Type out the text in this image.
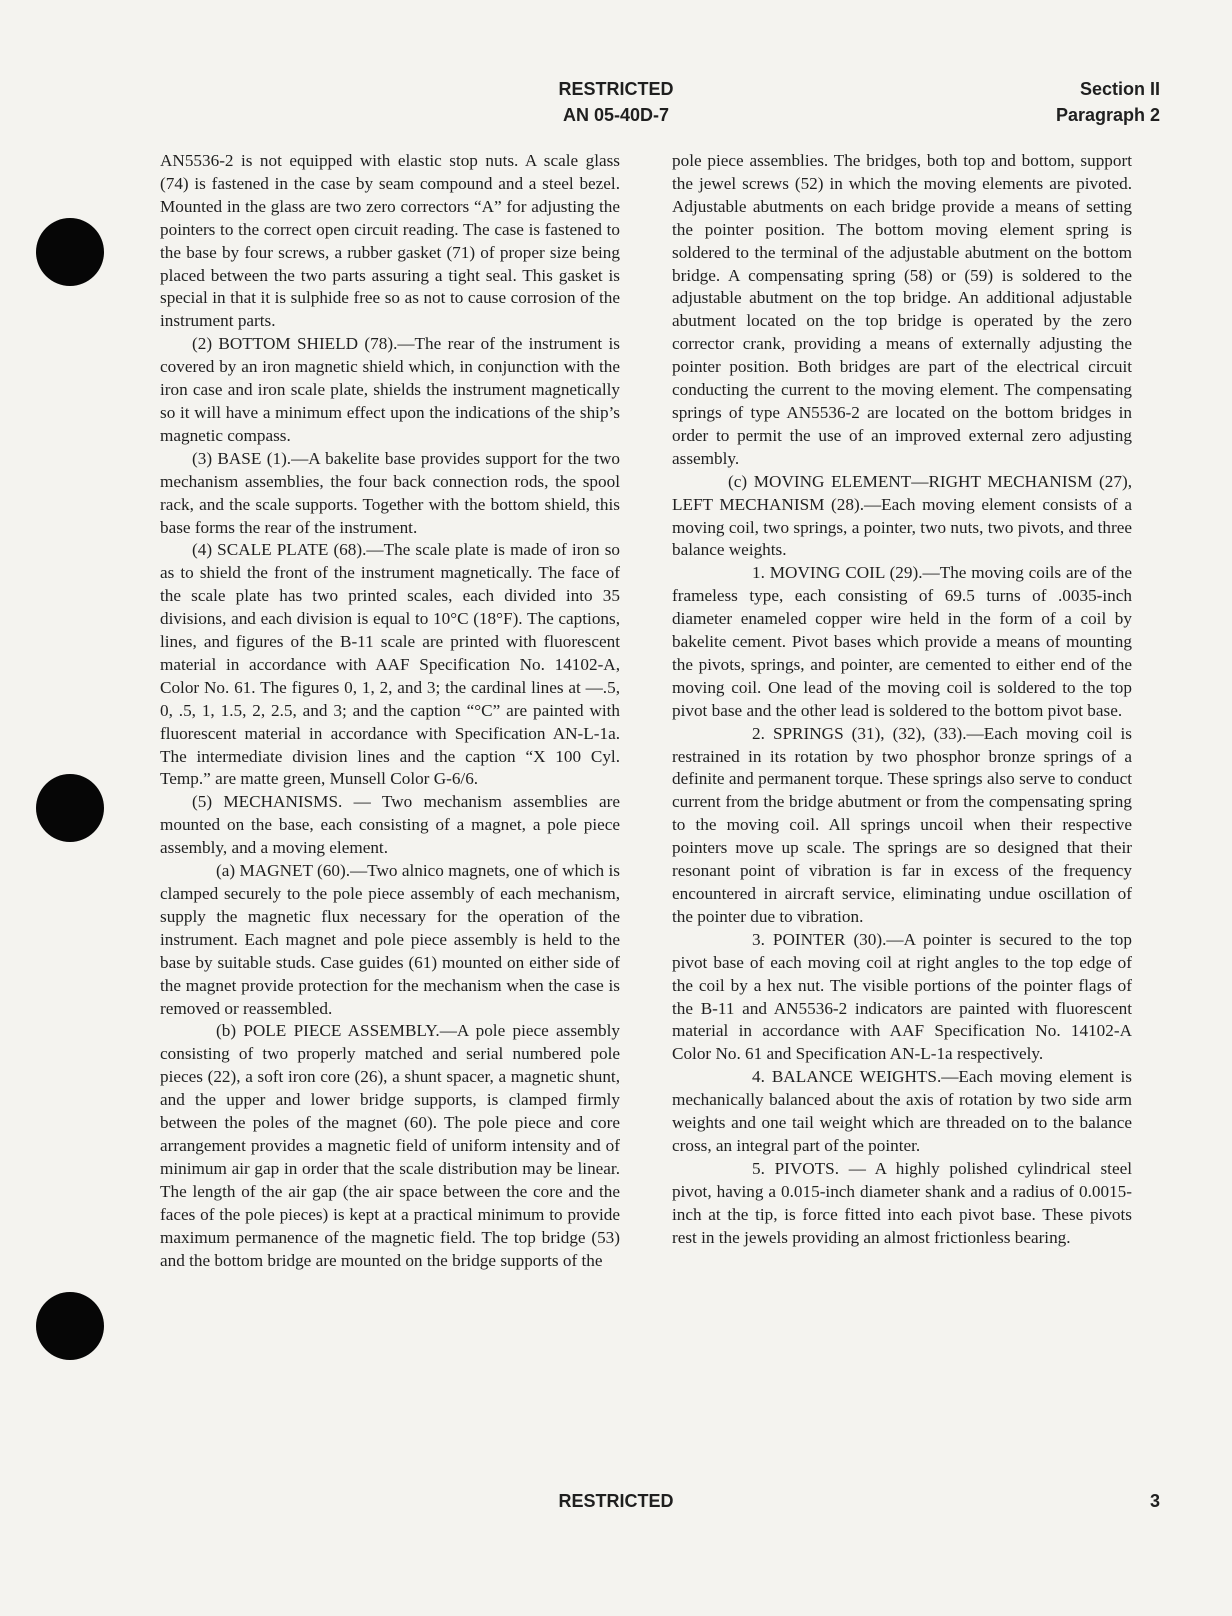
RESTRICTED
AN 05-40D-7
Section II
Paragraph 2

AN5536-2 is not equipped with elastic stop nuts. A scale glass (74) is fastened in the case by seam compound and a steel bezel. Mounted in the glass are two zero correctors “A” for adjusting the pointers to the correct open circuit reading. The case is fastened to the base by four screws, a rubber gasket (71) of proper size being placed between the two parts assuring a tight seal. This gasket is special in that it is sulphide free so as not to cause corrosion of the instrument parts.

(2) BOTTOM SHIELD (78).—The rear of the instrument is covered by an iron magnetic shield which, in conjunction with the iron case and iron scale plate, shields the instrument magnetically so it will have a minimum effect upon the indications of the ship’s magnetic compass.

(3) BASE (1).—A bakelite base provides support for the two mechanism assemblies, the four back connection rods, the spool rack, and the scale supports. Together with the bottom shield, this base forms the rear of the instrument.

(4) SCALE PLATE (68).—The scale plate is made of iron so as to shield the front of the instrument magnetically. The face of the scale plate has two printed scales, each divided into 35 divisions, and each division is equal to 10°C (18°F). The captions, lines, and figures of the B-11 scale are printed with fluorescent material in accordance with AAF Specification No. 14102-A, Color No. 61. The figures 0, 1, 2, and 3; the cardinal lines at —.5, 0, .5, 1, 1.5, 2, 2.5, and 3; and the caption “°C” are painted with fluorescent material in accordance with Specification AN-L-1a. The intermediate division lines and the caption “X 100 Cyl. Temp.” are matte green, Munsell Color G-6/6.

(5) MECHANISMS. — Two mechanism assemblies are mounted on the base, each consisting of a magnet, a pole piece assembly, and a moving element.

(a) MAGNET (60).—Two alnico magnets, one of which is clamped securely to the pole piece assembly of each mechanism, supply the magnetic flux necessary for the operation of the instrument. Each magnet and pole piece assembly is held to the base by suitable studs. Case guides (61) mounted on either side of the magnet provide protection for the mechanism when the case is removed or reassembled.

(b) POLE PIECE ASSEMBLY.—A pole piece assembly consisting of two properly matched and serial numbered pole pieces (22), a soft iron core (26), a shunt spacer, a magnetic shunt, and the upper and lower bridge supports, is clamped firmly between the poles of the magnet (60). The pole piece and core arrangement provides a magnetic field of uniform intensity and of minimum air gap in order that the scale distribution may be linear. The length of the air gap (the air space between the core and the faces of the pole pieces) is kept at a practical minimum to provide maximum permanence of the magnetic field. The top bridge (53) and the bottom bridge are mounted on the bridge supports of the

pole piece assemblies. The bridges, both top and bottom, support the jewel screws (52) in which the moving elements are pivoted. Adjustable abutments on each bridge provide a means of setting the pointer position. The bottom moving element spring is soldered to the terminal of the adjustable abutment on the bottom bridge. A compensating spring (58) or (59) is soldered to the adjustable abutment on the top bridge. An additional adjustable abutment located on the top bridge is operated by the zero corrector crank, providing a means of externally adjusting the pointer position. Both bridges are part of the electrical circuit conducting the current to the moving element. The compensating springs of type AN5536-2 are located on the bottom bridges in order to permit the use of an improved external zero adjusting assembly.

(c) MOVING ELEMENT—RIGHT MECHANISM (27), LEFT MECHANISM (28).—Each moving element consists of a moving coil, two springs, a pointer, two nuts, two pivots, and three balance weights.

1. MOVING COIL (29).—The moving coils are of the frameless type, each consisting of 69.5 turns of .0035-inch diameter enameled copper wire held in the form of a coil by bakelite cement. Pivot bases which provide a means of mounting the pivots, springs, and pointer, are cemented to either end of the moving coil. One lead of the moving coil is soldered to the top pivot base and the other lead is soldered to the bottom pivot base.

2. SPRINGS (31), (32), (33).—Each moving coil is restrained in its rotation by two phosphor bronze springs of a definite and permanent torque. These springs also serve to conduct current from the bridge abutment or from the compensating spring to the moving coil. All springs uncoil when their respective pointers move up scale. The springs are so designed that their resonant point of vibration is far in excess of the frequency encountered in aircraft service, eliminating undue oscillation of the pointer due to vibration.

3. POINTER (30).—A pointer is secured to the top pivot base of each moving coil at right angles to the top edge of the coil by a hex nut. The visible portions of the pointer flags of the B-11 and AN5536-2 indicators are painted with fluorescent material in accordance with AAF Specification No. 14102-A Color No. 61 and Specification AN-L-1a respectively.

4. BALANCE WEIGHTS.—Each moving element is mechanically balanced about the axis of rotation by two side arm weights and one tail weight which are threaded on to the balance cross, an integral part of the pointer.

5. PIVOTS. — A highly polished cylindrical steel pivot, having a 0.015-inch diameter shank and a radius of 0.0015-inch at the tip, is force fitted into each pivot base. These pivots rest in the jewels providing an almost frictionless bearing.

RESTRICTED	3
